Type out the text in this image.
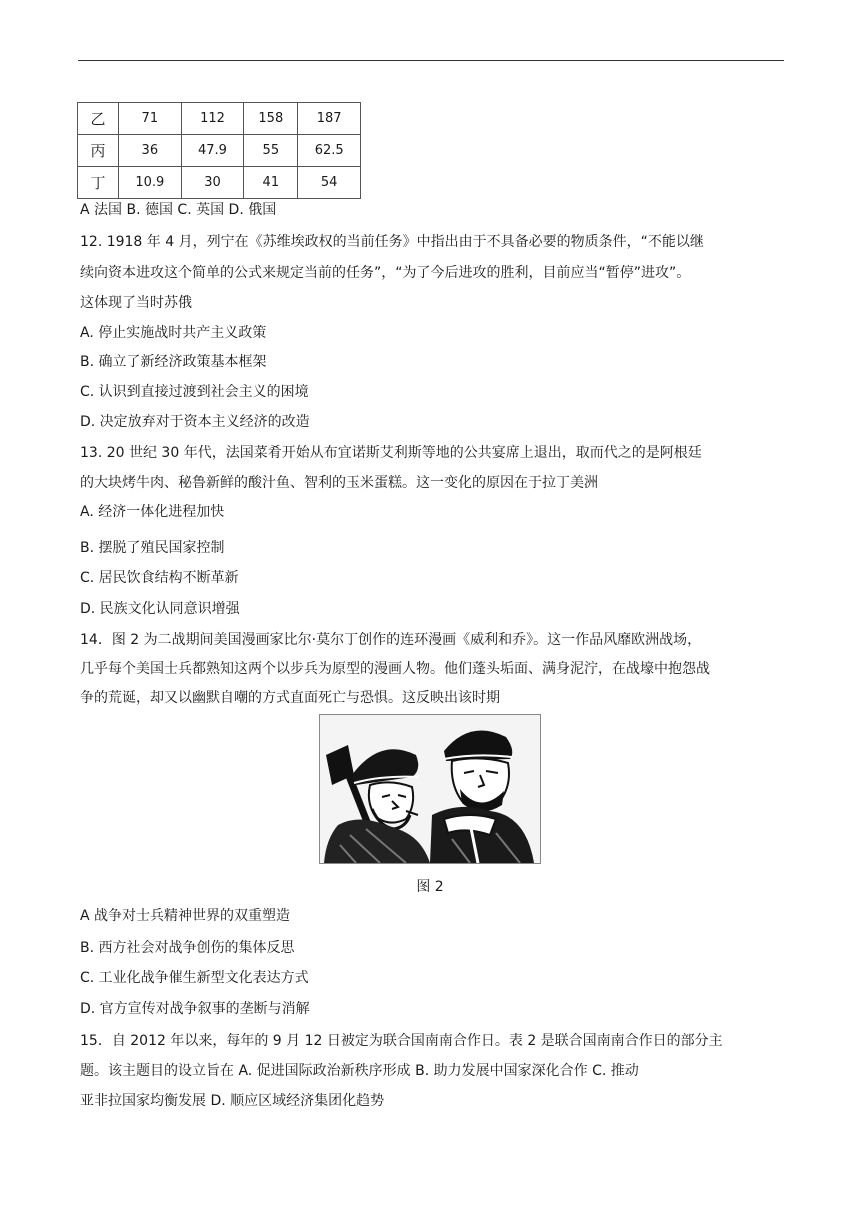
乙	71	112	158	187
丙	36	47.9	55	62.5
丁	10.9	30	41	54
A 法国 B. 德国 C. 英国 D. 俄国
12. 1918 年 4 月，列宁在《苏维埃政权的当前任务》中指出由于不具备必要的物质条件，“不能以继
续向资本进攻这个简单的公式来规定当前的任务”，“为了今后进攻的胜利，目前应当“暂停”进攻”。
这体现了当时苏俄
A. 停止实施战时共产主义政策
B. 确立了新经济政策基本框架
C. 认识到直接过渡到社会主义的困境
D. 决定放弃对于资本主义经济的改造
13. 20 世纪 30 年代，法国菜肴开始从布宜诺斯艾利斯等地的公共宴席上退出，取而代之的是阿根廷
的大块烤牛肉、秘鲁新鲜的酸汁鱼、智利的玉米蛋糕。这一变化的原因在于拉丁美洲
A. 经济一体化进程加快
B. 摆脱了殖民国家控制
C. 居民饮食结构不断革新
D. 民族文化认同意识增强
14．图 2 为二战期间美国漫画家比尔·莫尔丁创作的连环漫画《威利和乔》。这一作品风靡欧洲战场，
几乎每个美国士兵都熟知这两个以步兵为原型的漫画人物。他们蓬头垢面、满身泥泞，在战壕中抱怨战
争的荒诞，却又以幽默自嘲的方式直面死亡与恐惧。这反映出该时期
图 2
A 战争对士兵精神世界的双重塑造
B. 西方社会对战争创伤的集体反思
C. 工业化战争催生新型文化表达方式
D. 官方宣传对战争叙事的垄断与消解
15．自 2012 年以来，每年的 9 月 12 日被定为联合国南南合作日。表 2 是联合国南南合作日的部分主
题。该主题目的设立旨在 A. 促进国际政治新秩序形成 B. 助力发展中国家深化合作 C. 推动
亚非拉国家均衡发展 D. 顺应区域经济集团化趋势
